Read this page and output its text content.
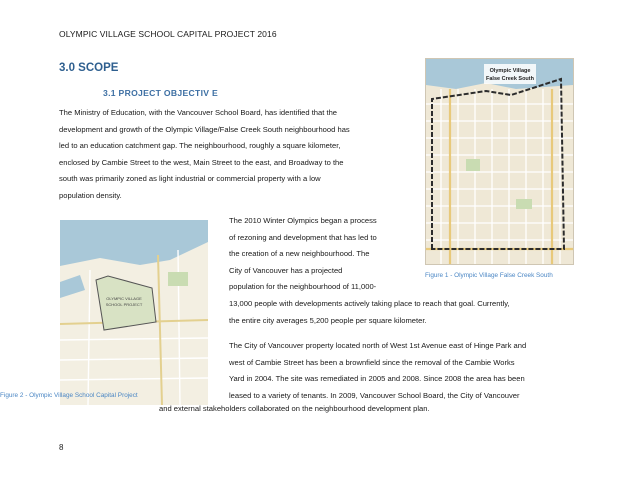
OLYMPIC VILLAGE SCHOOL CAPITAL PROJECT 2016
3.0 SCOPE
3.1 PROJECT OBJECTIV E

The Ministry of Education, with the Vancouver School Board, has identified that the

development and growth of the Olympic Village/False Creek South neighbourhood has

led to an education catchment gap. The neighbourhood, roughly a square kilometer,

enclosed by Cambie Street to the west, Main Street to the east, and Broadway to the

south was primarily zoned as light industrial or commercial property with a low

population density.

Olympic Village
False Creek South
Figure 1 - Olympic Village False Creek South
OLYMPIC VILLAGE
SCHOOL PROJECT

The 2010 Winter Olympics began a process

of rezoning and development that has led to

the creation of a new neighbourhood. The

City of Vancouver has a projected

population for the neighbourhood of 11,000-

13,000 people with developments actively taking place to reach that goal. Currently,

the entire city averages 5,200 people per square kilometer.

The City of Vancouver property located north of West 1st Avenue east of Hinge Park and

west of Cambie Street has been a brownfield since the removal of the Cambie Works

Yard in 2004. The site was remediated in 2005 and 2008. Since 2008 the area has been

leased to a variety of tenants. In 2009, Vancouver School Board, the City of Vancouver

Figure 2 - Olympic Village School Capital Project
and external stakeholders collaborated on the neighbourhood development plan.
8
